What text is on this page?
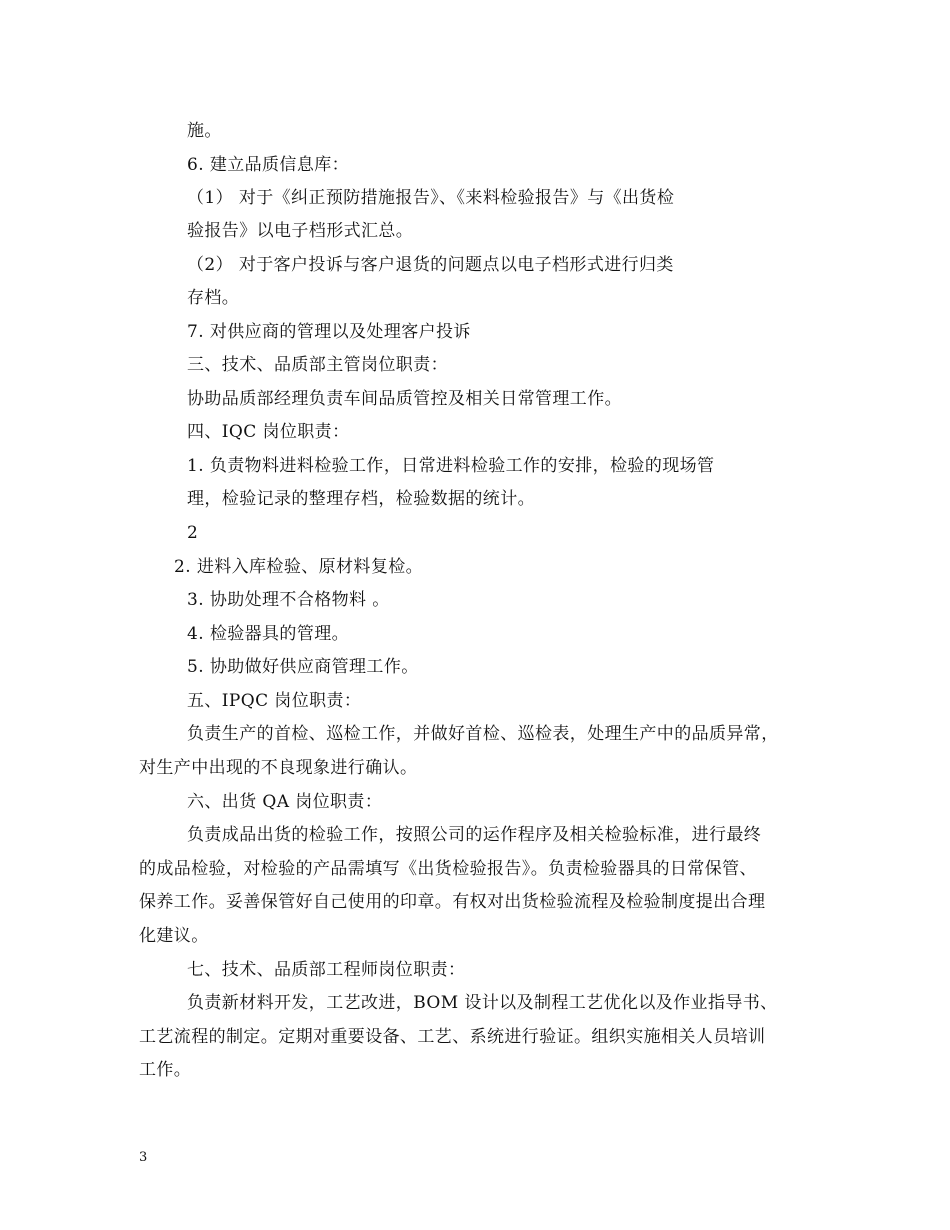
施。
6. 建立品质信息库：
（1） 对于《纠正预防措施报告》、《来料检验报告》与《出货检
验报告》以电子档形式汇总。
（2） 对于客户投诉与客户退货的问题点以电子档形式进行归类
存档。
7. 对供应商的管理以及处理客户投诉
三、技术、品质部主管岗位职责：
协助品质部经理负责车间品质管控及相关日常管理工作。
四、IQC 岗位职责：
1. 负责物料进料检验工作，日常进料检验工作的安排，检验的现场管
理，检验记录的整理存档，检验数据的统计。
2
2. 进料入库检验、原材料复检。
3. 协助处理不合格物料 。
4. 检验器具的管理。
5. 协助做好供应商管理工作。
五、IPQC 岗位职责：
负责生产的首检、巡检工作，并做好首检、巡检表，处理生产中的品质异常，
对生产中出现的不良现象进行确认。
六、出货 QA 岗位职责：
负责成品出货的检验工作，按照公司的运作程序及相关检验标准，进行最终
的成品检验，对检验的产品需填写《出货检验报告》。负责检验器具的日常保管、
保养工作。妥善保管好自己使用的印章。有权对出货检验流程及检验制度提出合理
化建议。
七、技术、品质部工程师岗位职责：
负责新材料开发，工艺改进，BOM 设计以及制程工艺优化以及作业指导书、
工艺流程的制定。定期对重要设备、工艺、系统进行验证。组织实施相关人员培训
工作。
3
